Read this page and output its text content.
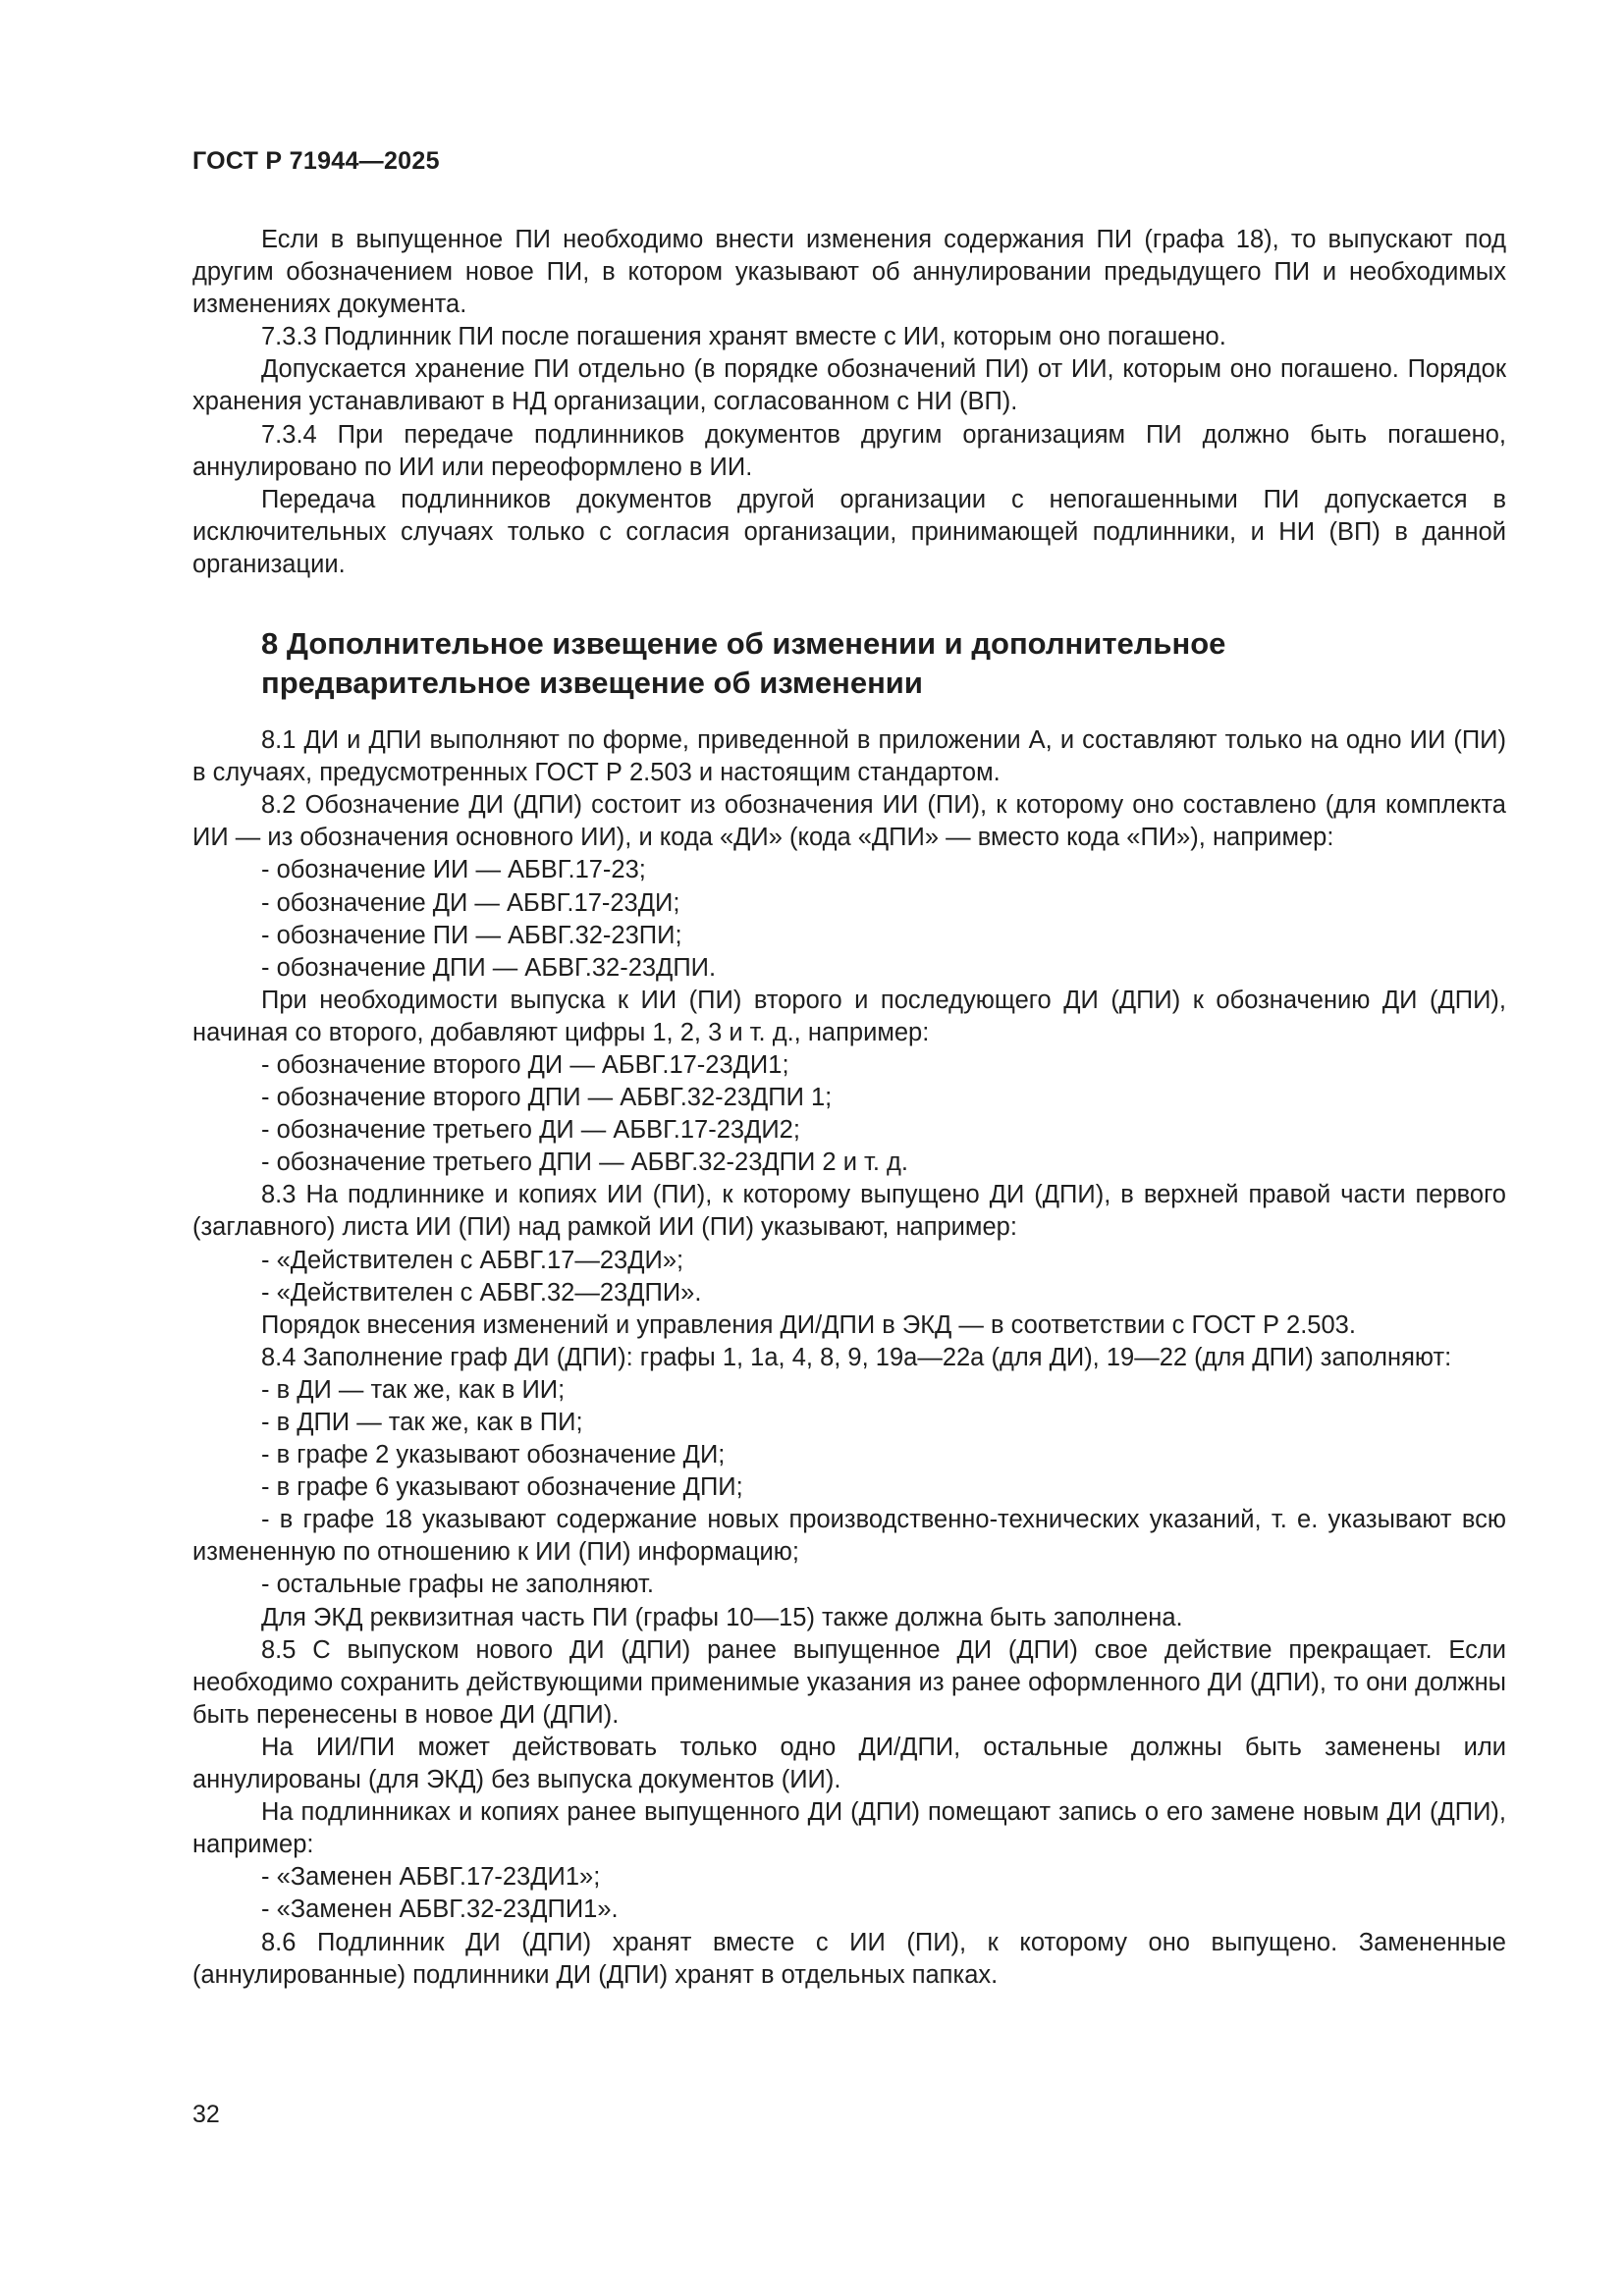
ГОСТ Р 71944—2025

Если в выпущенное ПИ необходимо внести изменения содержания ПИ (графа 18), то выпускают под другим обозначением новое ПИ, в котором указывают об аннулировании предыдущего ПИ и необходимых изменениях документа.

7.3.3 Подлинник ПИ после погашения хранят вместе с ИИ, которым оно погашено.

Допускается хранение ПИ отдельно (в порядке обозначений ПИ) от ИИ, которым оно погашено. Порядок хранения устанавливают в НД организации, согласованном с НИ (ВП).

7.3.4 При передаче подлинников документов другим организациям ПИ должно быть погашено, аннулировано по ИИ или переоформлено в ИИ.

Передача подлинников документов другой организации с непогашенными ПИ допускается в исключительных случаях только с согласия организации, принимающей подлинники, и НИ (ВП) в данной организации.

8 Дополнительное извещение об изменении и дополнительное
предварительное извещение об изменении

8.1 ДИ и ДПИ выполняют по форме, приведенной в приложении А, и составляют только на одно ИИ (ПИ) в случаях, предусмотренных ГОСТ Р 2.503 и настоящим стандартом.

8.2 Обозначение ДИ (ДПИ) состоит из обозначения ИИ (ПИ), к которому оно составлено (для комплекта ИИ — из обозначения основного ИИ), и кода «ДИ» (кода «ДПИ» — вместо кода «ПИ»), например:

- обозначение ИИ — АБВГ.17-23;

- обозначение ДИ — АБВГ.17-23ДИ;

- обозначение ПИ — АБВГ.32-23ПИ;

- обозначение ДПИ — АБВГ.32-23ДПИ.

При необходимости выпуска к ИИ (ПИ) второго и последующего ДИ (ДПИ) к обозначению ДИ (ДПИ), начиная со второго, добавляют цифры 1, 2, 3 и т. д., например:

- обозначение второго ДИ — АБВГ.17-23ДИ1;

- обозначение второго ДПИ — АБВГ.32-23ДПИ 1;

- обозначение третьего ДИ — АБВГ.17-23ДИ2;

- обозначение третьего ДПИ — АБВГ.32-23ДПИ 2 и т. д.

8.3 На подлиннике и копиях ИИ (ПИ), к которому выпущено ДИ (ДПИ), в верхней правой части первого (заглавного) листа ИИ (ПИ) над рамкой ИИ (ПИ) указывают, например:

- «Действителен с АБВГ.17—23ДИ»;

- «Действителен с АБВГ.32—23ДПИ».

Порядок внесения изменений и управления ДИ/ДПИ в ЭКД — в соответствии с ГОСТ Р 2.503.

8.4 Заполнение граф ДИ (ДПИ): графы 1, 1а, 4, 8, 9, 19а—22а (для ДИ), 19—22 (для ДПИ) заполняют:

- в ДИ — так же, как в ИИ;

- в ДПИ — так же, как в ПИ;

- в графе 2 указывают обозначение ДИ;

- в графе 6 указывают обозначение ДПИ;

- в графе 18 указывают содержание новых производственно-технических указаний, т. е. указывают всю измененную по отношению к ИИ (ПИ) информацию;

- остальные графы не заполняют.

Для ЭКД реквизитная часть ПИ (графы 10—15) также должна быть заполнена.

8.5 С выпуском нового ДИ (ДПИ) ранее выпущенное ДИ (ДПИ) свое действие прекращает. Если необходимо сохранить действующими применимые указания из ранее оформленного ДИ (ДПИ), то они должны быть перенесены в новое ДИ (ДПИ).

На ИИ/ПИ может действовать только одно ДИ/ДПИ, остальные должны быть заменены или аннулированы (для ЭКД) без выпуска документов (ИИ).

На подлинниках и копиях ранее выпущенного ДИ (ДПИ) помещают запись о его замене новым ДИ (ДПИ), например:

- «Заменен АБВГ.17-23ДИ1»;

- «Заменен АБВГ.32-23ДПИ1».

8.6 Подлинник ДИ (ДПИ) хранят вместе с ИИ (ПИ), к которому оно выпущено. Замененные (аннулированные) подлинники ДИ (ДПИ) хранят в отдельных папках.

32
